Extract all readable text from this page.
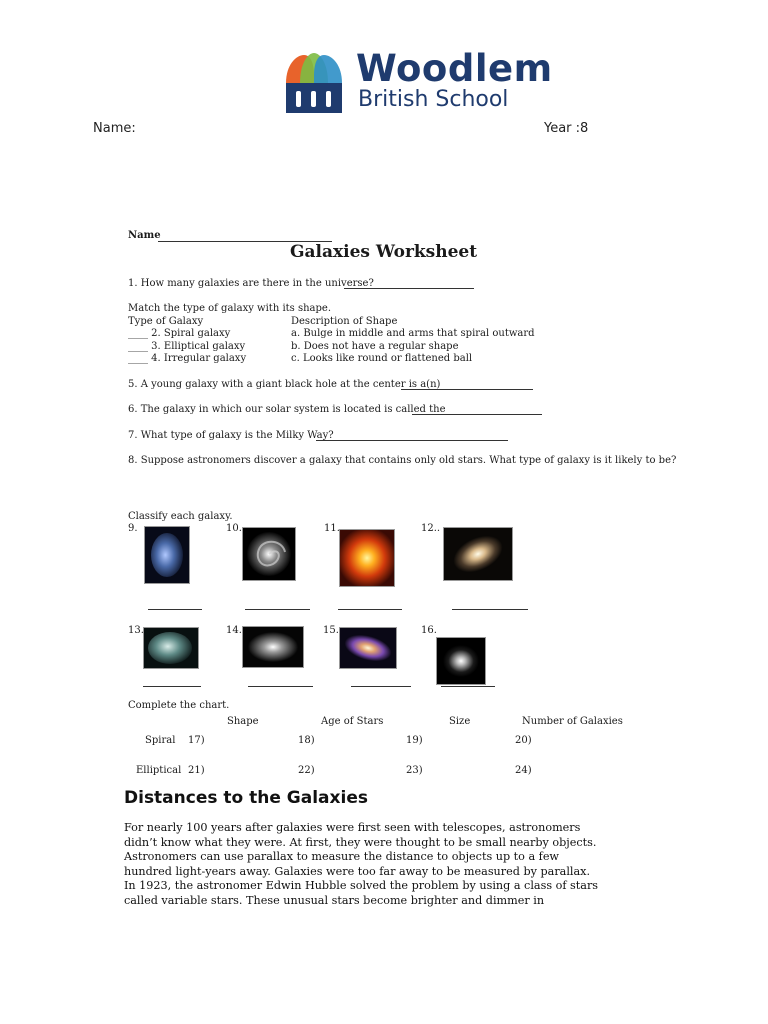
Woodlem
British School
Name:	Year :8
Name
Galaxies Worksheet
1. How many galaxies are there in the universe?
Match the type of galaxy with its shape.
Type of Galaxy	Description of Shape
____ 2. Spiral galaxy	a. Bulge in middle and arms that spiral outward
____ 3. Elliptical galaxy	b. Does not have a regular shape
____ 4. Irregular galaxy	c. Looks like round or flattened ball
5. A young galaxy with a giant black hole at the center is a(n)
6. The galaxy in which our solar system is located is called the
7. What type of galaxy is the Milky Way?
8. Suppose astronomers discover a galaxy that contains only old stars. What type of galaxy is it likely to be?
Classify each galaxy.
9.	10.	11.	12..
13.	14.	15.	16.
Complete the chart.
Shape	Age of Stars	Size	Number of Galaxies
Spiral 17)	18)	19)	20)
Elliptical 21)	22)	23)	24)
Distances to the Galaxies
For nearly 100 years after galaxies were first seen with telescopes, astronomers
didn’t know what they were. At first, they were thought to be small nearby objects.
Astronomers can use parallax to measure the distance to objects up to a few
hundred light-years away. Galaxies were too far away to be measured by parallax.
In 1923, the astronomer Edwin Hubble solved the problem by using a class of stars
called variable stars. These unusual stars become brighter and dimmer in
